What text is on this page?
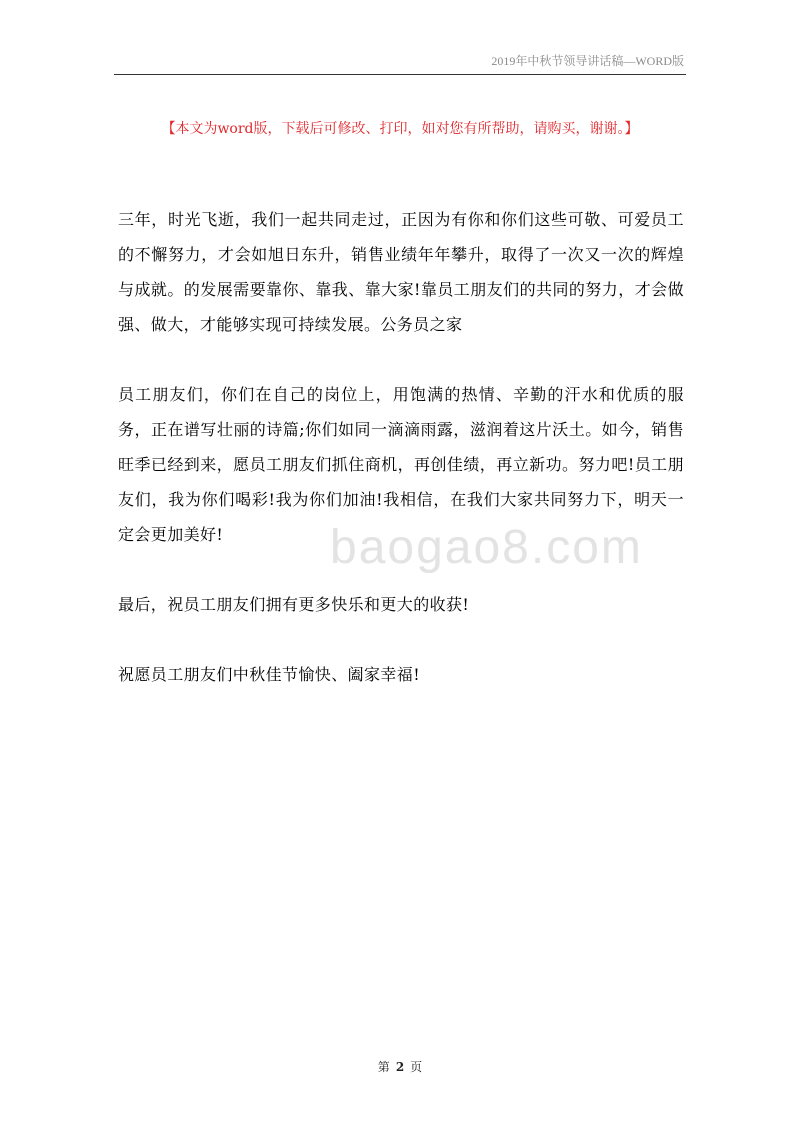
2019年中秋节领导讲话稿—WORD版
【本文为word版，下载后可修改、打印，如对您有所帮助，请购买，谢谢。】
baogao8.com

三年，时光飞逝，我们一起共同走过，正因为有你和你们这些可敬、可爱员工的不懈努力，才会如旭日东升，销售业绩年年攀升，取得了一次又一次的辉煌与成就。的发展需要靠你、靠我、靠大家!靠员工朋友们的共同的努力，才会做强、做大，才能够实现可持续发展。公务员之家

员工朋友们，你们在自己的岗位上，用饱满的热情、辛勤的汗水和优质的服务，正在谱写壮丽的诗篇;你们如同一滴滴雨露，滋润着这片沃土。如今，销售旺季已经到来，愿员工朋友们抓住商机，再创佳绩，再立新功。努力吧!员工朋友们，我为你们喝彩!我为你们加油!我相信，在我们大家共同努力下，明天一定会更加美好!

最后，祝员工朋友们拥有更多快乐和更大的收获!

祝愿员工朋友们中秋佳节愉快、阖家幸福!

第 2 页
